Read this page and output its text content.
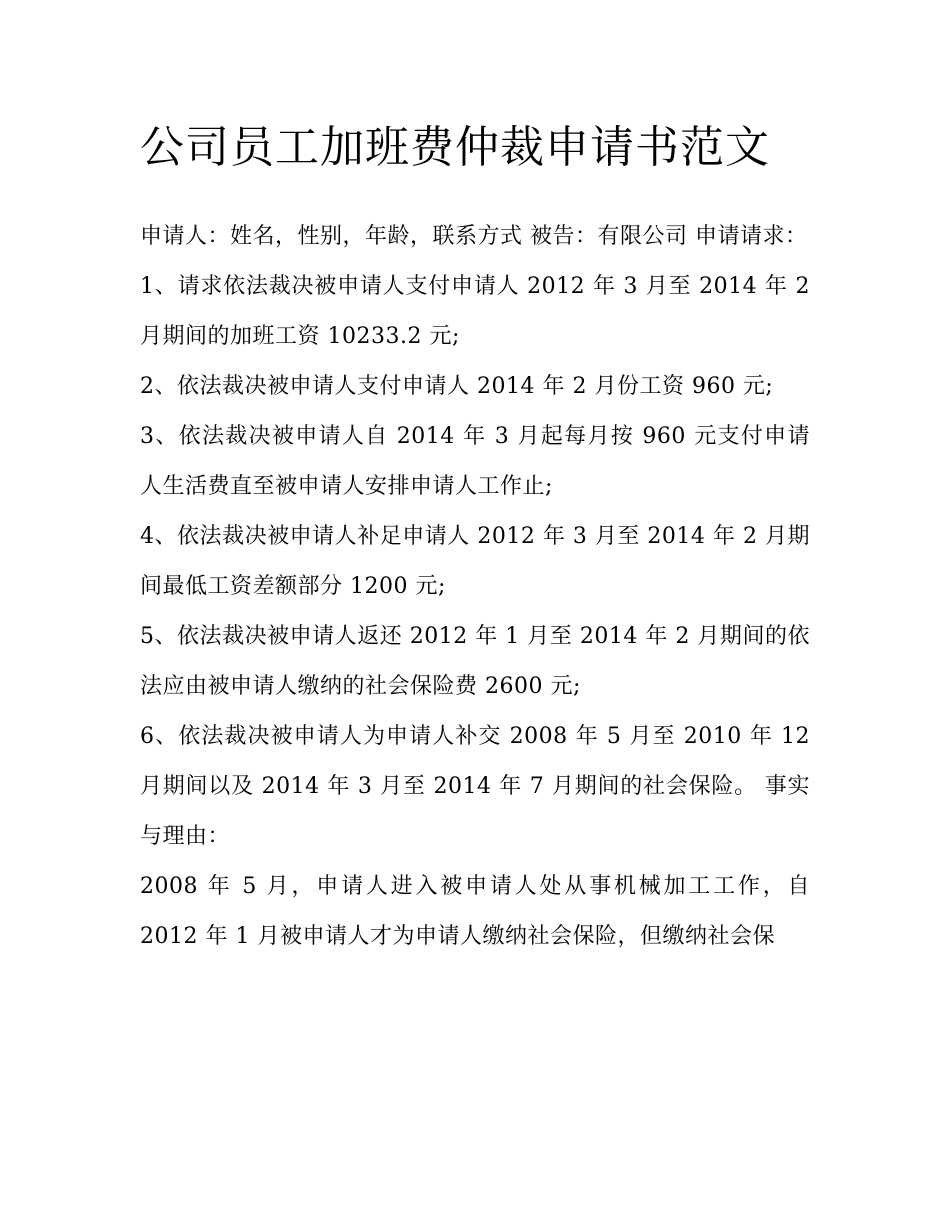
公司员工加班费仲裁申请书范文

申请人：姓名，性别，年龄，联系方式 被告：有限公司 申请请求：

1、请求依法裁决被申请人支付申请人 2012 年 3 月至 2014 年 2 月期间的加班工资 10233.2 元;

2、依法裁决被申请人支付申请人 2014 年 2 月份工资 960 元;

3、依法裁决被申请人自 2014 年 3 月起每月按 960 元支付申请人生活费直至被申请人安排申请人工作止;

4、依法裁决被申请人补足申请人 2012 年 3 月至 2014 年 2 月期间最低工资差额部分 1200 元;

5、依法裁决被申请人返还 2012 年 1 月至 2014 年 2 月期间的依法应由被申请人缴纳的社会保险费 2600 元;

6、依法裁决被申请人为申请人补交 2008 年 5 月至 2010 年 12 月期间以及 2014 年 3 月至 2014 年 7 月期间的社会保险。 事实与理由：

2008 年 5 月，申请人进入被申请人处从事机械加工工作，自 2012 年 1 月被申请人才为申请人缴纳社会保险，但缴纳社会保
